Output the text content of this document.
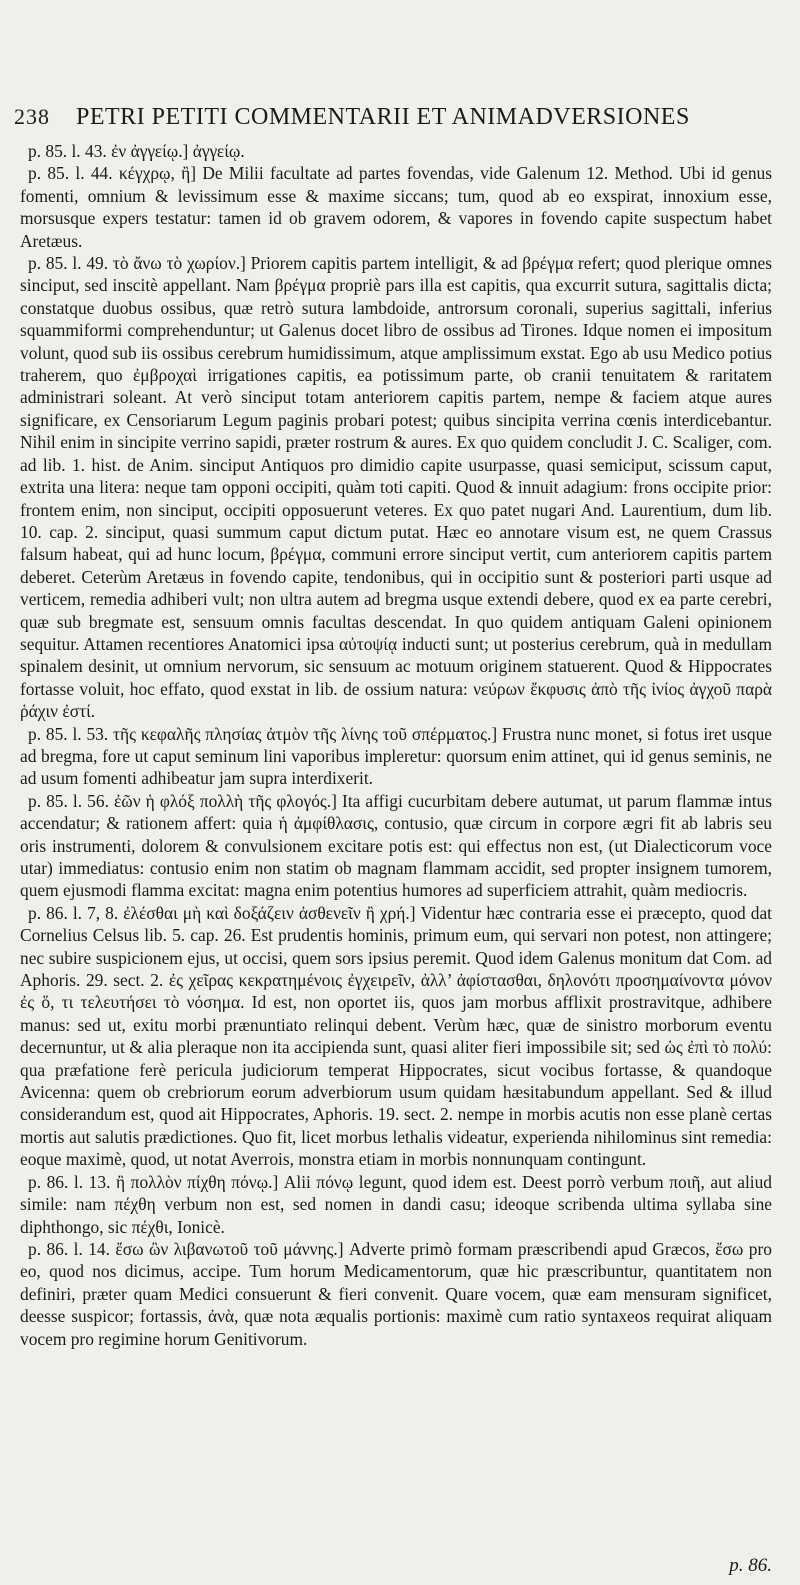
238 PETRI PETITI COMMENTARII ET ANIMADVERSIONES

p. 85. l. 43. ἐν ἀγγείῳ.] ἀγγείῳ.

p. 85. l. 44. κέγχρῳ, ἢ] De Milii facultate ad partes fovendas, vide Galenum 12. Method. Ubi id genus fomenti, omnium & levissimum esse & maxime siccans; tum, quod ab eo exspirat, innoxium esse, morsusque expers testatur: tamen id ob gravem odorem, & vapores in fovendo capite suspectum habet Aretæus.

p. 85. l. 49. τὸ ἄνω τὸ χωρίον.] Priorem capitis partem intelligit, & ad βρέγμα refert; quod plerique omnes sinciput, sed inscitè appellant. Nam βρέγμα propriè pars illa est capitis, qua excurrit sutura, sagittalis dicta; constatque duobus ossibus, quæ retrò sutura lambdoide, antrorsum coronali, superius sagittali, inferius squammiformi comprehenduntur; ut Galenus docet libro de ossibus ad Tirones. Idque nomen ei impositum volunt, quod sub iis ossibus cerebrum humidissimum, atque amplissimum exstat. Ego ab usu Medico potius traherem, quo ἐμβροχαὶ irrigationes capitis, ea potissimum parte, ob cranii tenuitatem & raritatem administrari soleant. At verò sinciput totam anteriorem capitis partem, nempe & faciem atque aures significare, ex Censoriarum Legum paginis probari potest; quibus sincipita verrina cœnis interdicebantur. Nihil enim in sincipite verrino sapidi, præter rostrum & aures. Ex quo quidem concludit J. C. Scaliger, com. ad lib. 1. hist. de Anim. sinciput Antiquos pro dimidio capite usurpasse, quasi semiciput, scissum caput, extrita una litera: neque tam opponi occipiti, quàm toti capiti. Quod & innuit adagium: frons occipite prior: frontem enim, non sinciput, occipiti opposuerunt veteres. Ex quo patet nugari And. Laurentium, dum lib. 10. cap. 2. sinciput, quasi summum caput dictum putat. Hæc eo annotare visum est, ne quem Crassus falsum habeat, qui ad hunc locum, βρέγμα, communi errore sinciput vertit, cum anteriorem capitis partem deberet. Ceterùm Aretæus in fovendo capite, tendonibus, qui in occipitio sunt & posteriori parti usque ad verticem, remedia adhiberi vult; non ultra autem ad bregma usque extendi debere, quod ex ea parte cerebri, quæ sub bregmate est, sensuum omnis facultas descendat. In quo quidem antiquam Galeni opinionem sequitur. Attamen recentiores Anatomici ipsa αὐτοψίᾳ inducti sunt; ut posterius cerebrum, quà in medullam spinalem desinit, ut omnium nervorum, sic sensuum ac motuum originem statuerent. Quod & Hippocrates fortasse voluit, hoc effato, quod exstat in lib. de ossium natura: νεύρων ἔκφυσις ἀπὸ τῆς ἰνίος ἀγχοῦ παρὰ ῥάχιν ἐστί.

p. 85. l. 53. τῆς κεφαλῆς πλησίας ἀτμὸν τῆς λίνης τοῦ σπέρματος.] Frustra nunc monet, si fotus iret usque ad bregma, fore ut caput seminum lini vaporibus impleretur: quorsum enim attinet, qui id genus seminis, ne ad usum fomenti adhibeatur jam supra interdixerit.

p. 85. l. 56. ἐῶν ἡ φλόξ πολλὴ τῆς φλογός.] Ita affigi cucurbitam debere autumat, ut parum flammæ intus accendatur; & rationem affert: quia ἡ ἀμφίθλασις, contusio, quæ circum in corpore ægri fit ab labris seu oris instrumenti, dolorem & convulsionem excitare potis est: qui effectus non est, (ut Dialecticorum voce utar) immediatus: contusio enim non statim ob magnam flammam accidit, sed propter insignem tumorem, quem ejusmodi flamma excitat: magna enim potentius humores ad superficiem attrahit, quàm mediocris.

p. 86. l. 7, 8. ἐλέσθαι μὴ καὶ δοξάζειν ἀσθενεῖν ἢ χρή.] Videntur hæc contraria esse ei præcepto, quod dat Cornelius Celsus lib. 5. cap. 26. Est prudentis hominis, primum eum, qui servari non potest, non attingere; nec subire suspicionem ejus, ut occisi, quem sors ipsius peremit. Quod idem Galenus monitum dat Com. ad Aphoris. 29. sect. 2. ἐς χεῖρας κεκρατημένοις ἐγχειρεῖν, ἀλλ’ ἀφίστασθαι, δηλονότι προσημαίνοντα μόνον ἐς ὅ, τι τελευτήσει τὸ νόσημα. Id est, non oportet iis, quos jam morbus afflixit prostravitque, adhibere manus: sed ut, exitu morbi prænuntiato relinqui debent. Verùm hæc, quæ de sinistro morborum eventu decernuntur, ut & alia pleraque non ita accipienda sunt, quasi aliter fieri impossibile sit; sed ὡς ἐπὶ τὸ πολύ: qua præfatione ferè pericula judiciorum temperat Hippocrates, sicut vocibus fortasse, & quandoque Avicenna: quem ob crebriorum eorum adverbiorum usum quidam hæsitabundum appellant. Sed & illud considerandum est, quod ait Hippocrates, Aphoris. 19. sect. 2. nempe in morbis acutis non esse planè certas mortis aut salutis prædictiones. Quo fit, licet morbus lethalis videatur, experienda nihilominus sint remedia: eoque maximè, quod, ut notat Averrois, monstra etiam in morbis nonnunquam contingunt.

p. 86. l. 13. ἢ πολλὸν πίχθη πόνῳ.] Alii πόνῳ legunt, quod idem est. Deest porrò verbum ποιῆ, aut aliud simile: nam πέχθη verbum non est, sed nomen in dandi casu; ideoque scribenda ultima syllaba sine diphthongo, sic πέχθι, Ionicè.

p. 86. l. 14. ἔσω ὢν λιβανωτοῦ τοῦ μάννης.] Adverte primò formam præscribendi apud Græcos, ἔσω pro eo, quod nos dicimus, accipe. Tum horum Medicamentorum, quæ hic præscribuntur, quantitatem non definiri, præter quam Medici consuerunt & fieri convenit. Quare vocem, quæ eam mensuram significet, deesse suspicor; fortassis, ἀνὰ, quæ nota æqualis portionis: maximè cum ratio syntaxeos requirat aliquam vocem pro regimine horum Genitivorum.

p. 86.
